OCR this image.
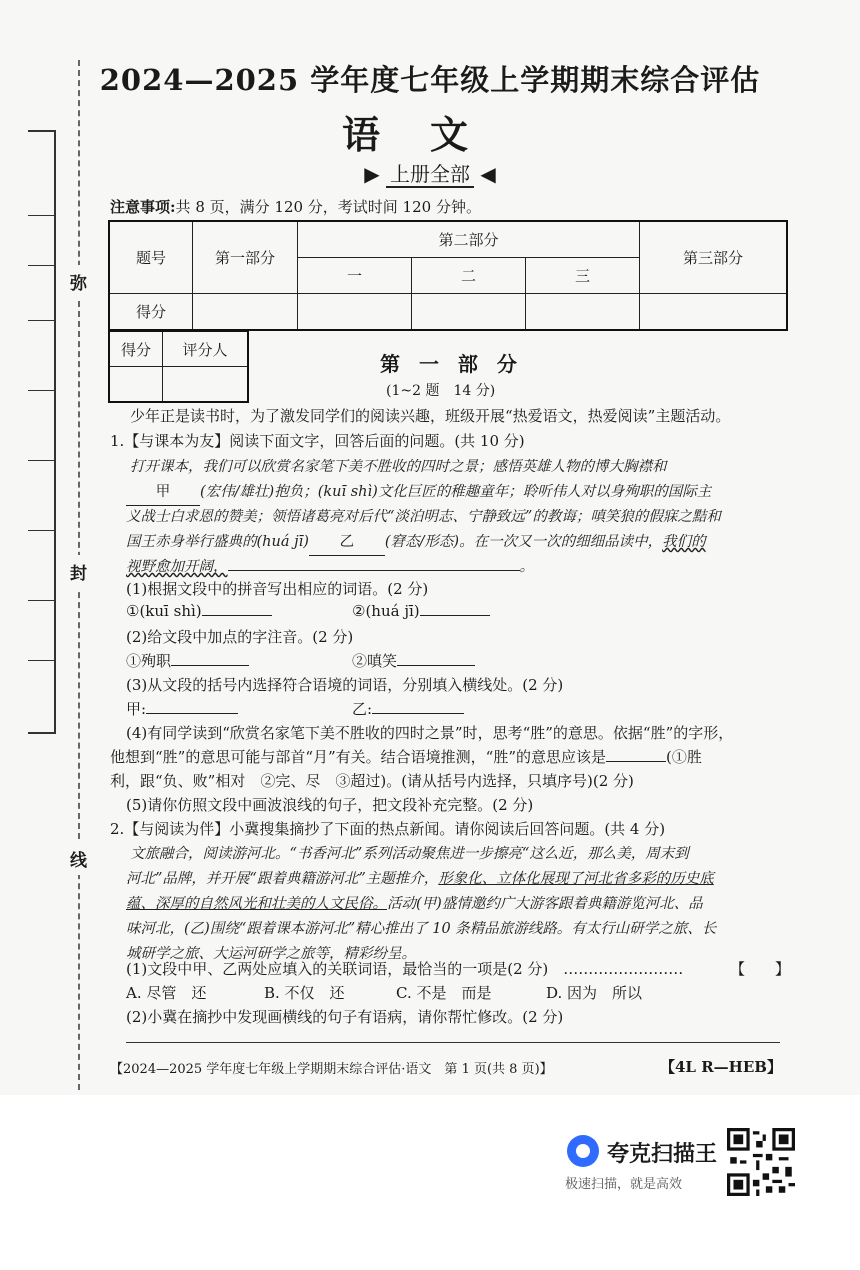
弥
封
线
2024—2025 学年度七年级上学期期末综合评估
语文
▶ 上册全部 ◀
注意事项:共 8 页，满分 120 分，考试时间 120 分钟。
题号	第一部分	第二部分			第三部分
		一	二	三	
得分					
得分	评分人

第 一 部 分
(1~2 题　14 分)
少年正是读书时，为了激发同学们的阅读兴趣，班级开展“热爱语文，热爱阅读”主题活动。
1.【与课本为友】阅读下面文字，回答后面的问题。(共 10 分)
打开课本，我们可以欣赏名家笔下美不胜收的四时之景；感悟英雄人物的博大胸襟和
甲 (宏伟/雄壮)抱负；(kuī shì)文化巨匠的稚趣童年；聆听伟人对以身殉职的国际主
义战士白求恩的赞美；领悟诸葛亮对后代“淡泊明志、宁静致远”的教诲；嗔笑狼的假寐之黠和
国王赤身举行盛典的(huá jī) 乙 (窘态/形态)。在一次又一次的细细品读中，我们的
视野愈加开阔，	。
(1)根据文段中的拼音写出相应的词语。(2 分)
①(kuī shì)	②(huá jī)
(2)给文段中加点的字注音。(2 分)
①殉职	②嗔笑
(3)从文段的括号内选择符合语境的词语，分别填入横线处。(2 分)
甲:	乙:
(4)有同学读到“欣赏名家笔下美不胜收的四时之景”时，思考“胜”的意思。依据“胜”的字形，
他想到“胜”的意思可能与部首“月”有关。结合语境推测，“胜”的意思应该是	(①胜
利，跟“负、败”相对　②完、尽　③超过)。(请从括号内选择，只填序号)(2 分)
(5)请你仿照文段中画波浪线的句子，把文段补充完整。(2 分)
2.【与阅读为伴】小冀搜集摘抄了下面的热点新闻。请你阅读后回答问题。(共 4 分)
文旅融合，阅读游河北。“书香河北”系列活动聚焦进一步擦亮“这么近，那么美，周末到
河北”品牌，并开展“跟着典籍游河北”主题推介，形象化、立体化展现了河北省多彩的历史底
蕴、深厚的自然风光和壮美的人文民俗。活动(甲)盛情邀约广大游客跟着典籍游览河北、品
味河北，(乙)围绕“跟着课本游河北”精心推出了 10 条精品旅游线路。有太行山研学之旅、长
城研学之旅、大运河研学之旅等，精彩纷呈。
(1)文段中甲、乙两处应填入的关联词语，最恰当的一项是(2 分)　……………………	【　　】
A. 尽管　还	B. 不仅　还	C. 不是　而是	D. 因为　所以
(2)小冀在摘抄中发现画横线的句子有语病，请你帮忙修改。(2 分)
【2024—2025 学年度七年级上学期期末综合评估·语文　第 1 页(共 8 页)】	【4L R—HEB】
夸克扫描王
极速扫描，就是高效
